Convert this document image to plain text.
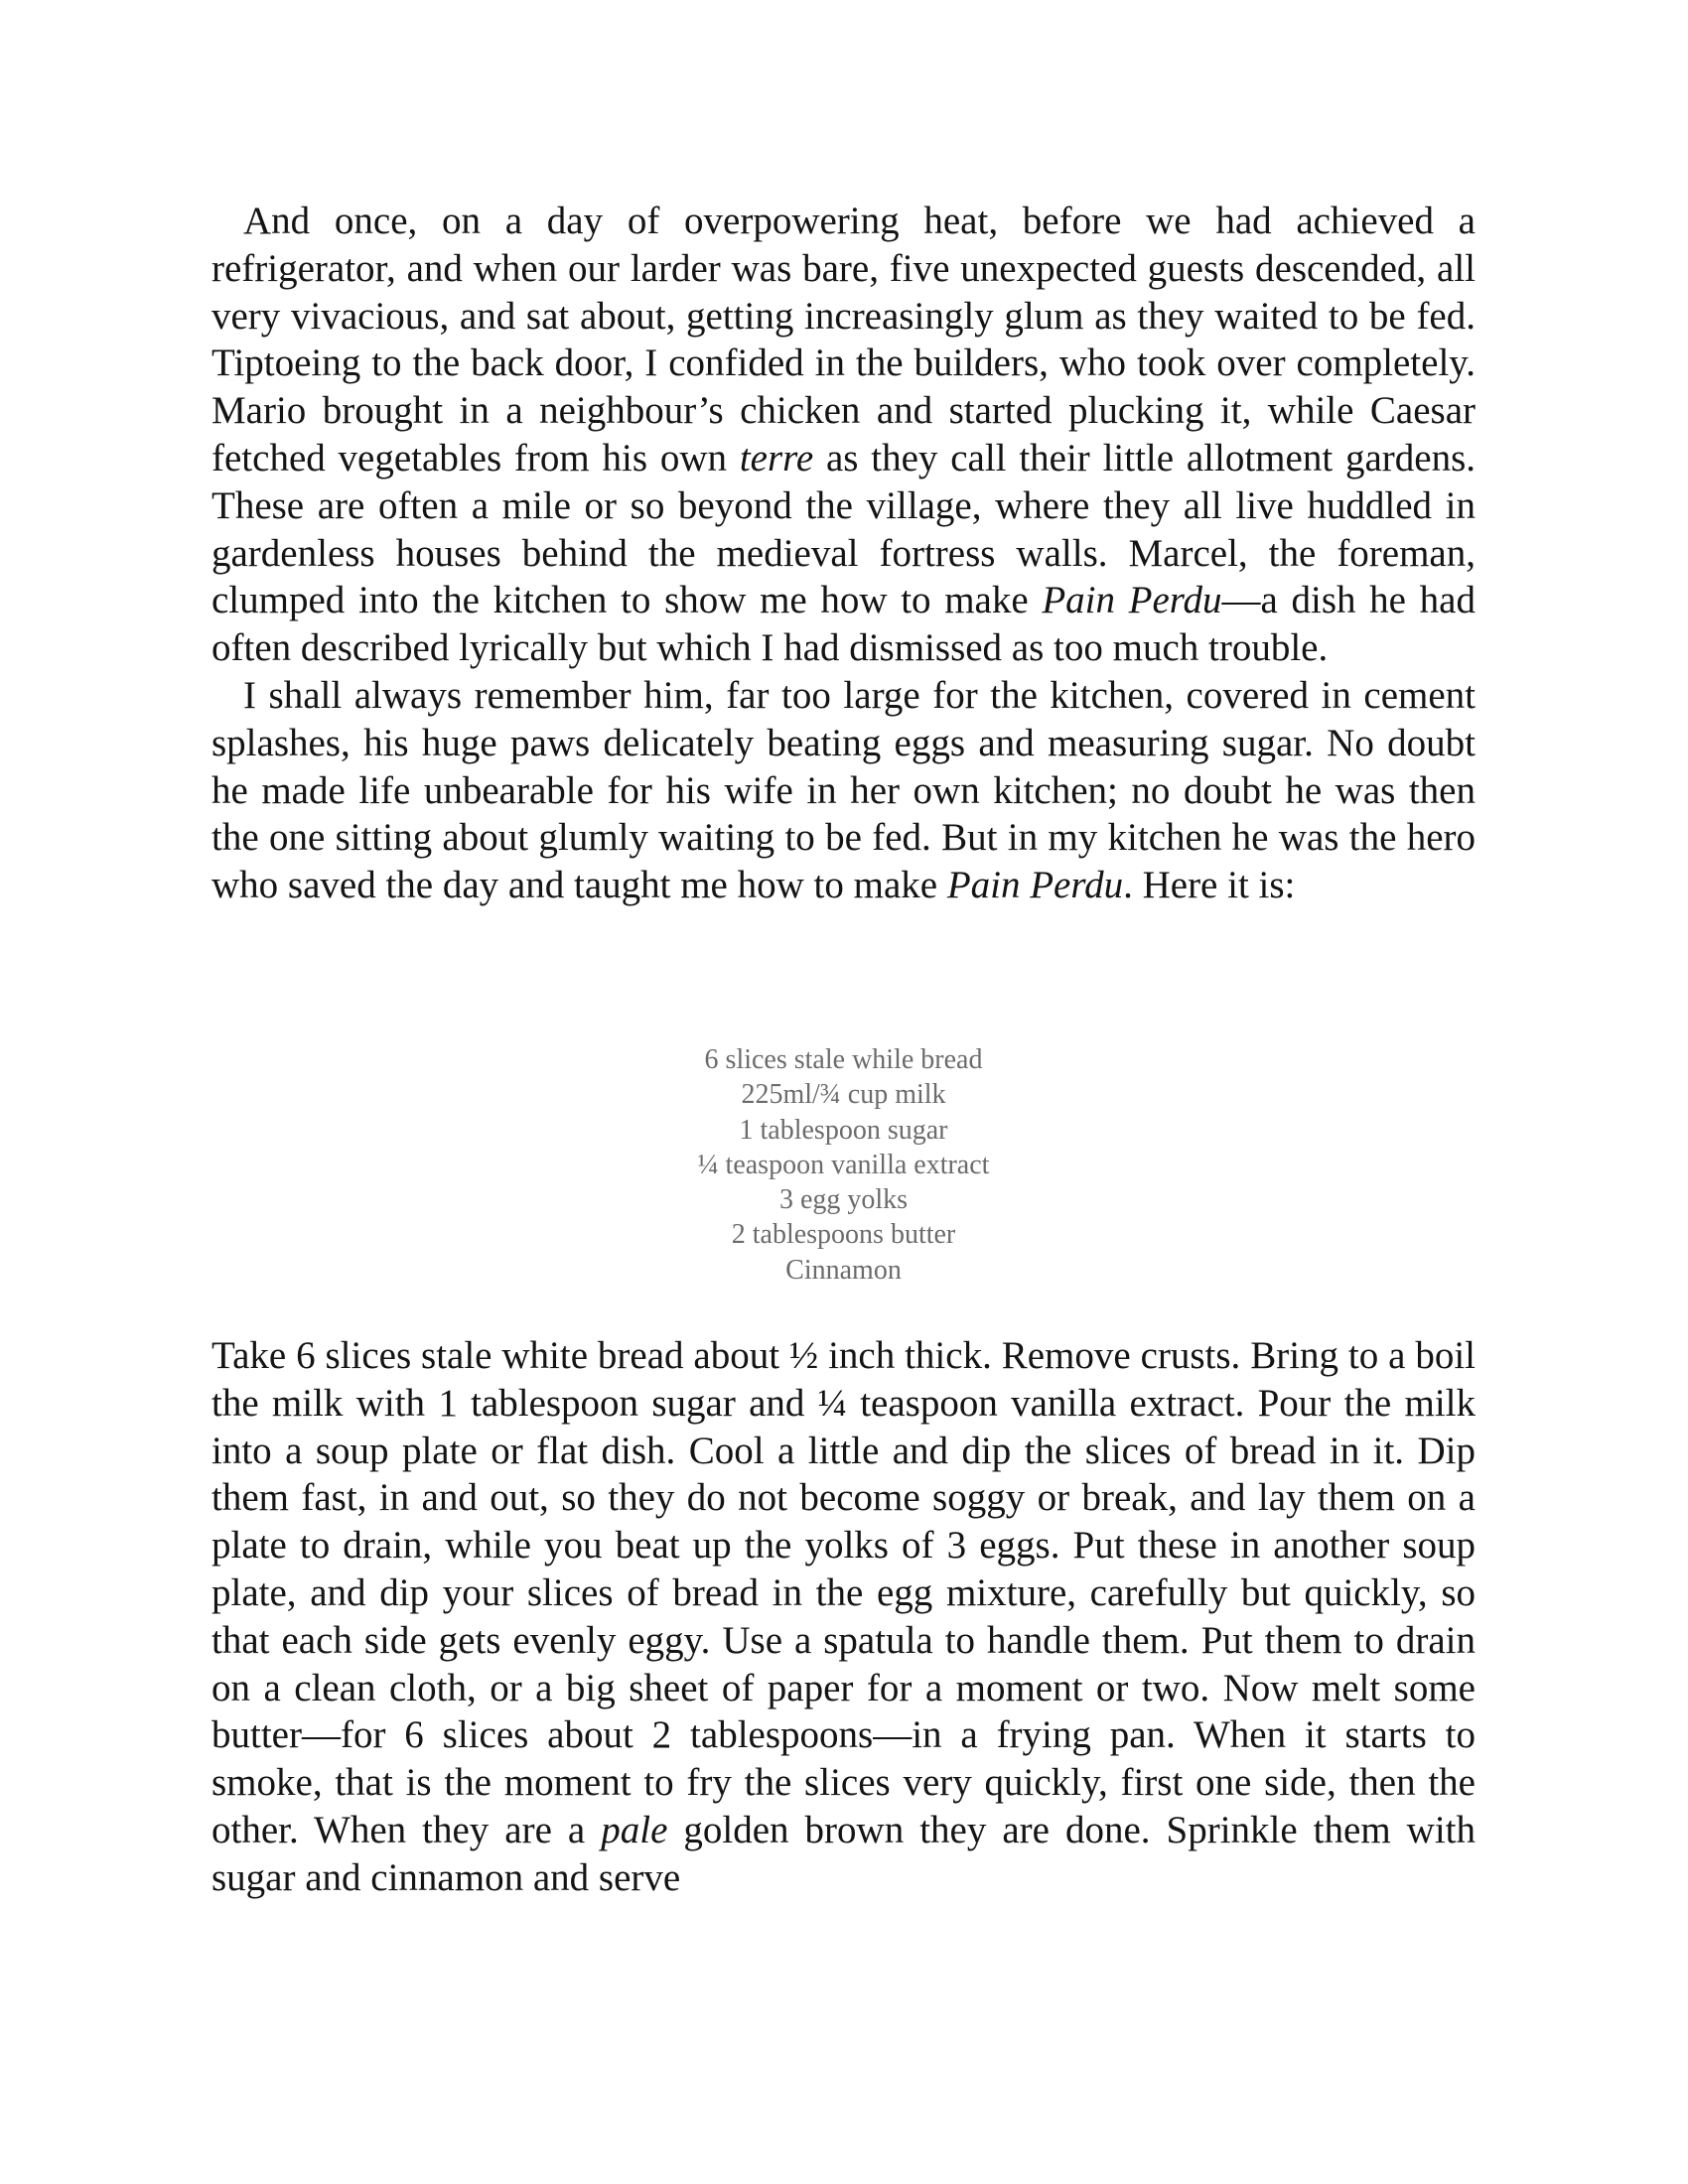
And once, on a day of overpowering heat, before we had achieved a refrigerator, and when our larder was bare, five unexpected guests descended, all very vivacious, and sat about, getting increasingly glum as they waited to be fed. Tiptoeing to the back door, I confided in the builders, who took over completely. Mario brought in a neighbour’s chicken and started plucking it, while Caesar fetched vegetables from his own terre as they call their little allotment gardens. These are often a mile or so beyond the village, where they all live huddled in gardenless houses behind the medieval fortress walls. Marcel, the foreman, clumped into the kitchen to show me how to make Pain Perdu—a dish he had often described lyrically but which I had dismissed as too much trouble.

I shall always remember him, far too large for the kitchen, covered in cement splashes, his huge paws delicately beating eggs and measuring sugar. No doubt he made life unbearable for his wife in her own kitchen; no doubt he was then the one sitting about glumly waiting to be fed. But in my kitchen he was the hero who saved the day and taught me how to make Pain Perdu. Here it is:

6 slices stale while bread
225ml/¾ cup milk
1 tablespoon sugar
¼ teaspoon vanilla extract
3 egg yolks
2 tablespoons butter
Cinnamon

Take 6 slices stale white bread about ½ inch thick. Remove crusts. Bring to a boil the milk with 1 tablespoon sugar and ¼ teaspoon vanilla extract. Pour the milk into a soup plate or flat dish. Cool a little and dip the slices of bread in it. Dip them fast, in and out, so they do not become soggy or break, and lay them on a plate to drain, while you beat up the yolks of 3 eggs. Put these in another soup plate, and dip your slices of bread in the egg mixture, carefully but quickly, so that each side gets evenly eggy. Use a spatula to handle them. Put them to drain on a clean cloth, or a big sheet of paper for a moment or two. Now melt some butter—for 6 slices about 2 tablespoons—in a frying pan. When it starts to smoke, that is the moment to fry the slices very quickly, first one side, then the other. When they are a pale golden brown they are done. Sprinkle them with sugar and cinnamon and serve
